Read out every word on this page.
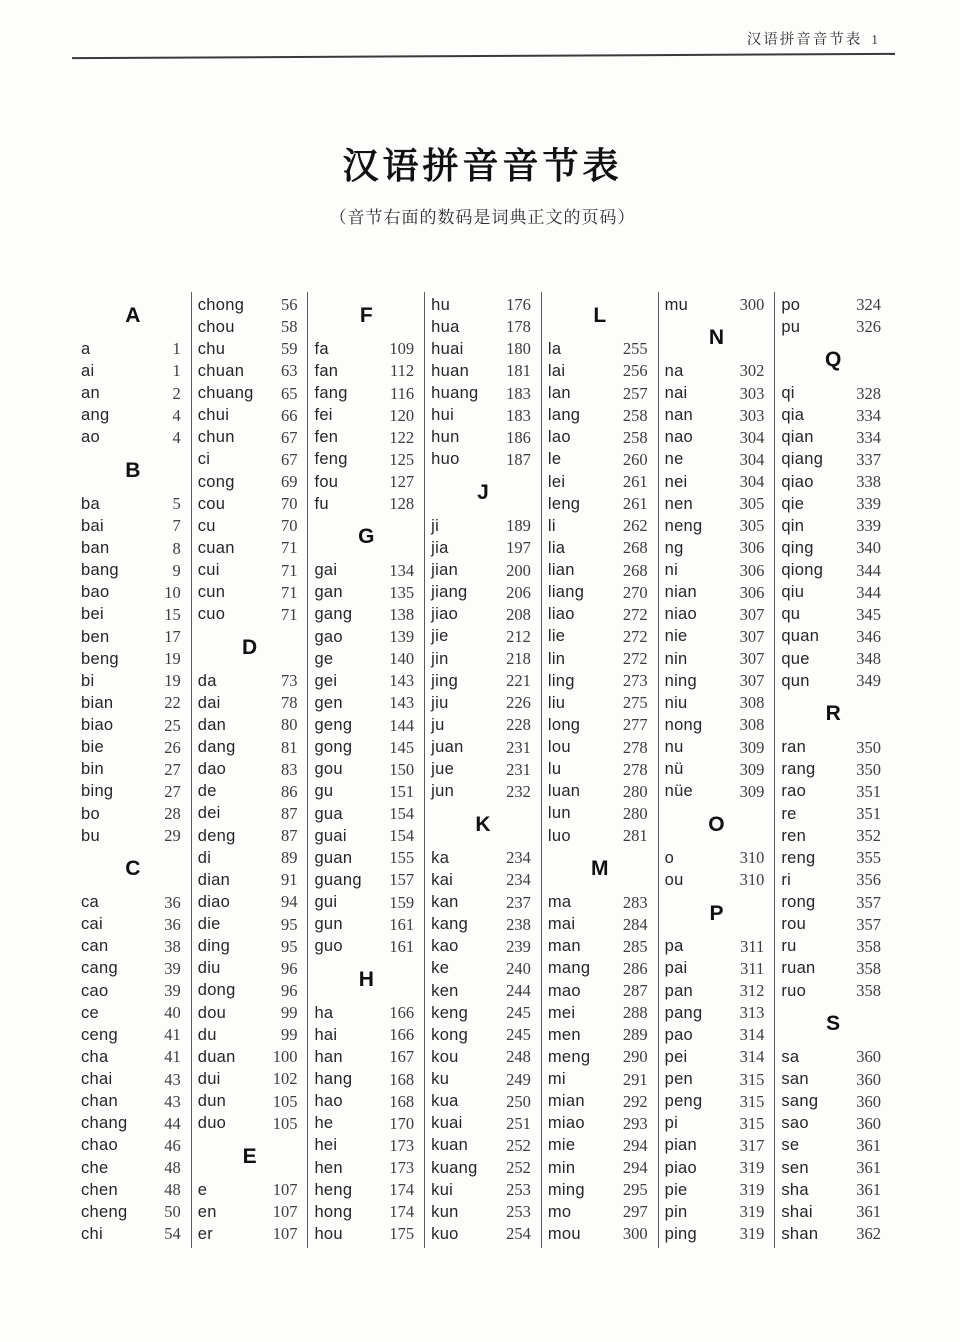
汉语拼音音节表 1
汉语拼音音节表
（音节右面的数码是词典正文的页码）
A
a	1
ai	1
an	2
ang	4
ao	4
B
ba	5
bai	7
ban	8
bang	9
bao	10
bei	15
ben	17
beng	19
bi	19
bian	22
biao	25
bie	26
bin	27
bing	27
bo	28
bu	29
C
ca	36
cai	36
can	38
cang	39
cao	39
ce	40
ceng	41
cha	41
chai	43
chan	43
chang 44
chao	46
che	48
chen	48
cheng 50
chi	54
chong 56
chou	58
chu	59
chuan 63
chuang 65
chui	66
chun	67
ci	67
cong	69
cou	70
cu	70
cuan	71
cui	71
cun	71
cuo	71
D
da	73
dai	78
dan	80
dang	81
dao	83
de	86
dei	87
deng	87
di	89
dian	91
diao	94
die	95
ding	95
diu	96
dong	96
dou	99
du	99
duan 100
dui	102
dun	105
duo	105
E
e	107
en	107
er	107
F
fa	109
fan	112
fang	116
fei	120
fen	122
feng	125
fou	127
fu	128
G
gai	134
gan	135
gang 138
gao	139
ge	140
gei	143
gen	143
geng 144
gong 145
gou	150
gu	151
gua	154
guai	154
guan 155
guang 157
gui	159
gun	161
guo	161
H
ha	166
hai	166
han	167
hang 168
hao	168
he	170
hei	173
hen	173
heng 174
hong 174
hou	175
hu	176
hua	178
huai	180
huan 181
huang 183
hui	183
hun	186
huo	187
J
ji	189
jia	197
jian	200
jiang 206
jiao	208
jie	212
jin	218
jing	221
jiu	226
ju	228
juan	231
jue	231
jun	232
K
ka	234
kai	234
kan	237
kang 238
kao	239
ke	240
ken	244
keng 245
kong 245
kou	248
ku	249
kua	250
kuai	251
kuan 252
kuang 252
kui	253
kun	253
kuo	254
L
la	255
lai	256
lan	257
lang	258
lao	258
le	260
lei	261
leng	261
li	262
lia	268
lian	268
liang 270
liao	272
lie	272
lin	272
ling	273
liu	275
long	277
lou	278
lu	278
luan	280
lun	280
luo	281
M
ma	283
mai	284
man	285
mang 286
mao	287
mei	288
men	289
meng 290
mi	291
mian 292
miao 293
mie	294
min	294
ming 295
mo	297
mou	300
mu	300
N
na	302
nai	303
nan	303
nao	304
ne	304
nei	304
nen	305
neng 305
ng	306
ni	306
nian	306
niao	307
nie	307
nin	307
ning	307
niu	308
nong 308
nu	309
nü	309
nüe	309
O
o	310
ou	310
P
pa	311
pai	311
pan	312
pang 313
pao	314
pei	314
pen	315
peng 315
pi	315
pian	317
piao	319
pie	319
pin	319
ping	319
po	324
pu	326
Q
qi	328
qia	334
qian	334
qiang 337
qiao	338
qie	339
qin	339
qing	340
qiong 344
qiu	344
qu	345
quan 346
que	348
qun	349
R
ran	350
rang 350
rao	351
re	351
ren	352
reng 355
ri	356
rong 357
rou	357
ru	358
ruan 358
ruo	358
S
sa	360
san	360
sang 360
sao	360
se	361
sen	361
sha	361
shai	361
shan 362
